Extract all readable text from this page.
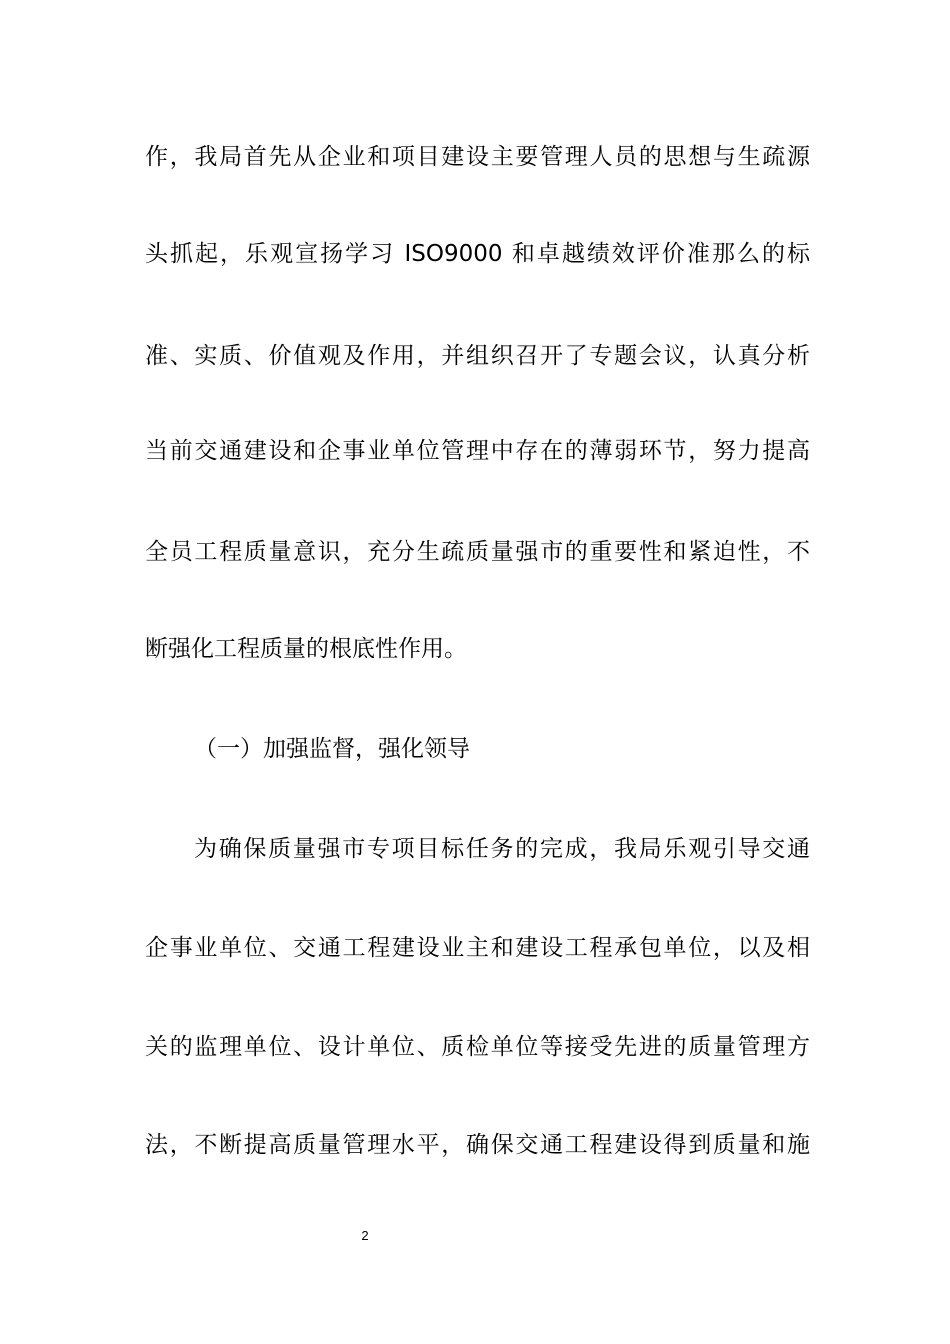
作，我局首先从企业和项目建设主要管理人员的思想与生疏源
头抓起，乐观宣扬学习 ISO9000 和卓越绩效评价准那么的标
准、实质、价值观及作用，并组织召开了专题会议，认真分析
当前交通建设和企事业单位管理中存在的薄弱环节，努力提高
全员工程质量意识，充分生疏质量强市的重要性和紧迫性，不
断强化工程质量的根底性作用。
（一）加强监督，强化领导
为确保质量强市专项目标任务的完成，我局乐观引导交通
企事业单位、交通工程建设业主和建设工程承包单位，以及相
关的监理单位、设计单位、质检单位等接受先进的质量管理方
法，不断提高质量管理水平，确保交通工程建设得到质量和施
2
